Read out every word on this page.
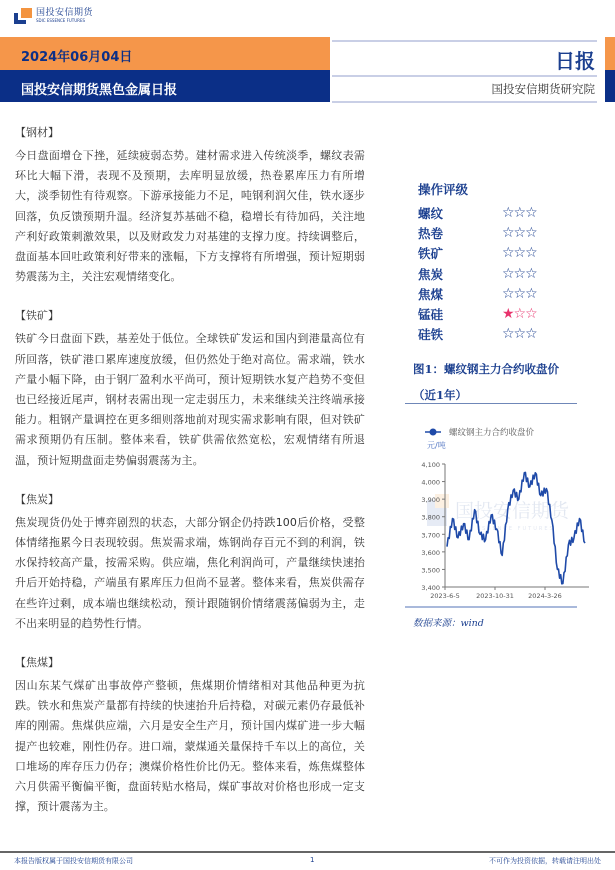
国投安信期货
SDIC ESSENCE FUTURES
2024年06月04日
国投安信期货黑色金属日报
日报
国投安信期货研究院
【钢材】
今日盘面增仓下挫，延续疲弱态势。建材需求进入传统淡季，螺纹表需环比大幅下滑，表现不及预期，去库明显放缓，热卷累库压力有所增大，淡季韧性有待观察。下游承接能力不足，吨钢利润欠佳，铁水逐步回落，负反馈预期升温。经济复苏基础不稳，稳增长有待加码，关注地产利好政策刺激效果，以及财政发力对基建的支撑力度。持续调整后，盘面基本回吐政策利好带来的涨幅，下方支撑将有所增强，预计短期弱势震荡为主，关注宏观情绪变化。
【铁矿】
铁矿今日盘面下跌，基差处于低位。全球铁矿发运和国内到港量高位有所回落，铁矿港口累库速度放缓，但仍然处于绝对高位。需求端，铁水产量小幅下降，由于钢厂盈利水平尚可，预计短期铁水复产趋势不变但也已经接近尾声，钢材表需出现一定走弱压力，未来继续关注终端承接能力。粗钢产量调控在更多细则落地前对现实需求影响有限，但对铁矿需求预期仍有压制。整体来看，铁矿供需依然宽松，宏观情绪有所退温，预计短期盘面走势偏弱震荡为主。
【焦炭】
焦炭现货仍处于博弈剧烈的状态，大部分钢企仍持跌100后价格，受整体情绪拖累今日表现较弱。焦炭需求端，炼钢尚存百元不到的利润，铁水保持较高产量，按需采购。供应端，焦化利润尚可，产量继续快速抬升后开始持稳，产端虽有累库压力但尚不显著。整体来看，焦炭供需存在些许过剩，成本端也继续松动，预计跟随钢价情绪震荡偏弱为主，走不出来明显的趋势性行情。
【焦煤】
因山东某气煤矿出事故停产整顿，焦煤期价情绪相对其他品种更为抗跌。铁水和焦炭产量都有持续的快速抬升后持稳，对碳元素仍存最低补库的刚需。焦煤供应端，六月是安全生产月，预计国内煤矿进一步大幅提产也较难，刚性仍存。进口端，蒙煤通关量保持千车以上的高位，关口堆场的库存压力仍存；澳煤价格性价比仍无。整体来看，炼焦煤整体六月供需平衡偏平衡，盘面转贴水格局，煤矿事故对价格也形成一定支撑，预计震荡为主。
操作评级
螺纹	☆☆☆
热卷	☆☆☆
铁矿	☆☆☆
焦炭	☆☆☆
焦煤	☆☆☆
锰硅	★☆☆
硅铁	☆☆☆
图1：螺纹钢主力合约收盘价
（近1年）
螺纹钢主力合约收盘价
元/吨
国投安信期货
ESSENCE FUTURES
3,400
3,500
3,600
3,700
3,800
3,900
4,000
4,100
2023-6-5	2023-10-31 2024-3-26
数据来源：wind
本报告版权属于国投安信期货有限公司	1	不可作为投资依据，转载请注明出处
